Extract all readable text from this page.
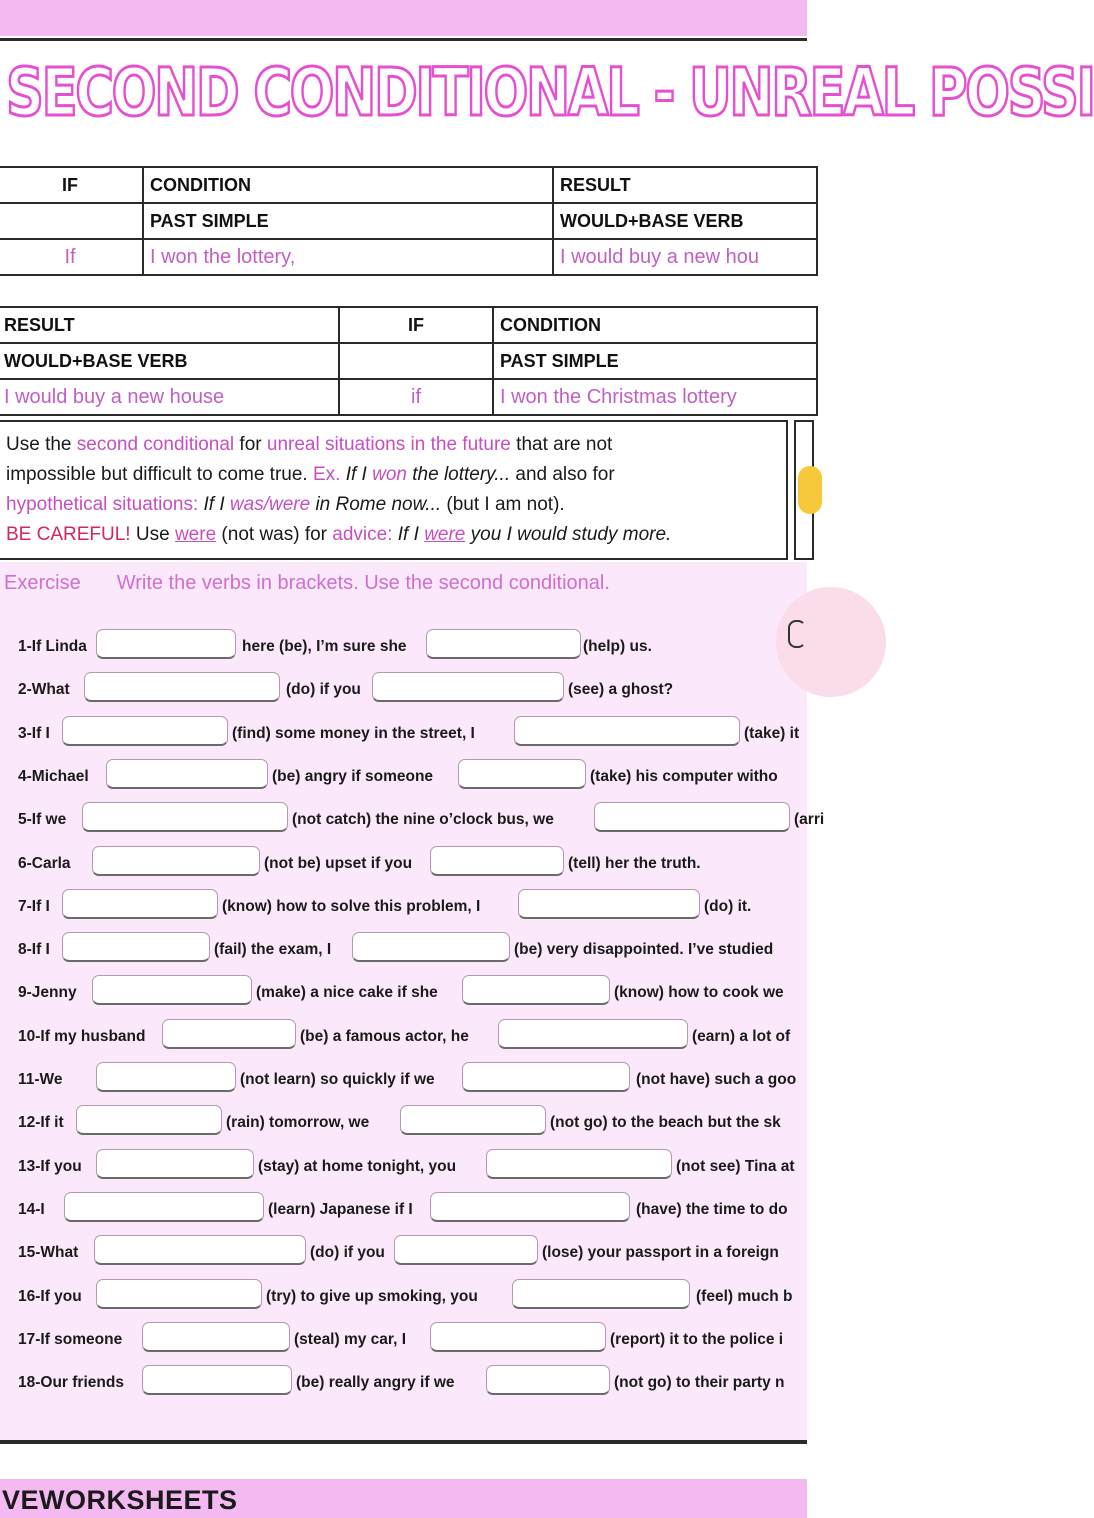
SECOND CONDITIONAL - UNREAL POSSI
IF	CONDITION	RESULT
	PAST SIMPLE	WOULD+BASE VERB
If	I won the lottery,	I would buy a new hou
RESULT	IF	CONDITION
WOULD+BASE VERB		PAST SIMPLE
I would buy a new house	if	I won the Christmas lottery
Use the second conditional for unreal situations in the future that are not
impossible but difficult to come true. Ex. If I won the lottery... and also for
hypothetical situations: If I was/were in Rome now... (but I am not).
BE CAREFUL! Use were (not was) for advice: If I were you I would study more.
Exercise Write the verbs in brackets. Use the second conditional.
1-If Linda	here (be), I’m sure she	(help) us.
2-What	(do) if you	(see) a ghost?
3-If I	(find) some money in the street, I	(take) it
4-Michael	(be) angry if someone	(take) his computer witho
5-If we	(not catch) the nine o’clock bus, we	(arri
6-Carla	(not be) upset if you	(tell) her the truth.
7-If I	(know) how to solve this problem, I	(do) it.
8-If I	(fail) the exam, I	(be) very disappointed. I’ve studied
9-Jenny	(make) a nice cake if she	(know) how to cook we
10-If my husband	(be) a famous actor, he	(earn) a lot of
11-We	(not learn) so quickly if we	(not have) such a goo
12-If it	(rain) tomorrow, we	(not go) to the beach but the sk
13-If you	(stay) at home tonight, you	(not see) Tina at
14-I	(learn) Japanese if I	(have) the time to do
15-What	(do) if you	(lose) your passport in a foreign
16-If you	(try) to give up smoking, you	(feel) much b
17-If someone	(steal) my car, I	(report) it to the police i
18-Our friends	(be) really angry if we	(not go) to their party n
VEWORKSHEETS
